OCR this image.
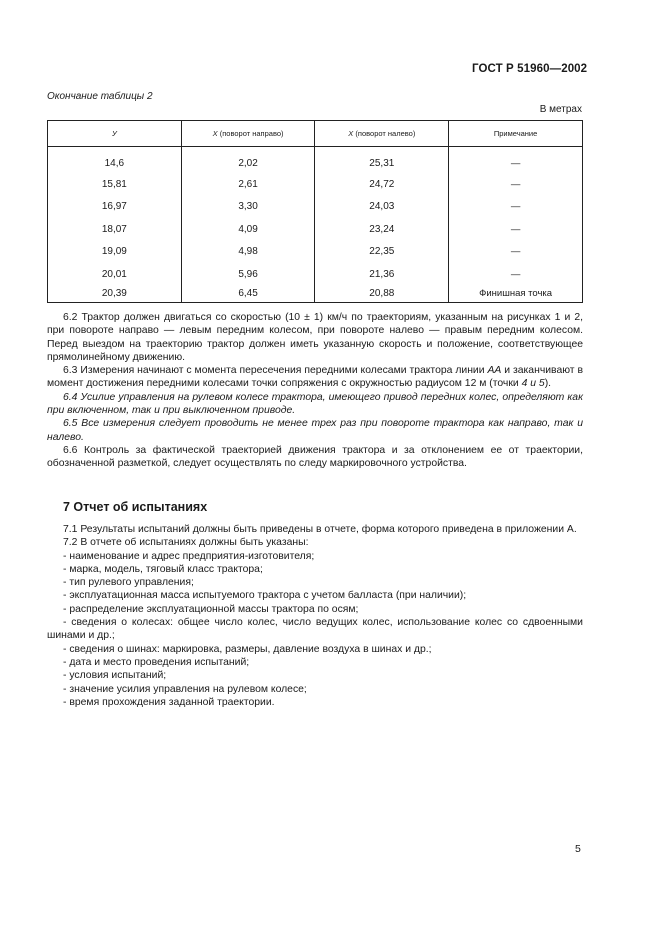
ГОСТ Р 51960—2002
Окончание таблицы 2
В метрах
У	X (поворот направо)	X (поворот налево)	Примечание
14,6	2,02	25,31	—
15,81	2,61	24,72	—
16,97	3,30	24,03	—
18,07	4,09	23,24	—
19,09	4,98	22,35	—
20,01	5,96	21,36	—
20,39	6,45	20,88	Финишная точка

6.2 Трактор должен двигаться со скоростью (10 ± 1) км/ч по траекториям, указанным на рисунках 1 и 2, при повороте направо — левым передним колесом, при повороте налево — правым передним колесом. Перед выездом на траекторию трактор должен иметь указанную скорость и положение, соответствующее прямолинейному движению.

6.3 Измерения начинают с момента пересечения передними колесами трактора линии АА и заканчивают в момент достижения передними колесами точки сопряжения с окружностью радиусом 12 м (точки 4 и 5).

6.4 Усилие управления на рулевом колесе трактора, имеющего привод передних колес, определяют как при включенном, так и при выключенном приводе.

6.5 Все измерения следует проводить не менее трех раз при повороте трактора как направо, так и налево.

6.6 Контроль за фактической траекторией движения трактора и за отклонением ее от траектории, обозначенной разметкой, следует осуществлять по следу маркировочного устройства.

7 Отчет об испытаниях

7.1 Результаты испытаний должны быть приведены в отчете, форма которого приведена в приложении А.

7.2 В отчете об испытаниях должны быть указаны:

- наименование и адрес предприятия-изготовителя;

- марка, модель, тяговый класс трактора;

- тип рулевого управления;

- эксплуатационная масса испытуемого трактора с учетом балласта (при наличии);

- распределение эксплуатационной массы трактора по осям;

- сведения о колесах: общее число колес, число ведущих колес, использование колес со сдвоенными шинами и др.;

- сведения о шинах: маркировка, размеры, давление воздуха в шинах и др.;

- дата и место проведения испытаний;

- условия испытаний;

- значение усилия управления на рулевом колесе;

- время прохождения заданной траектории.

5
